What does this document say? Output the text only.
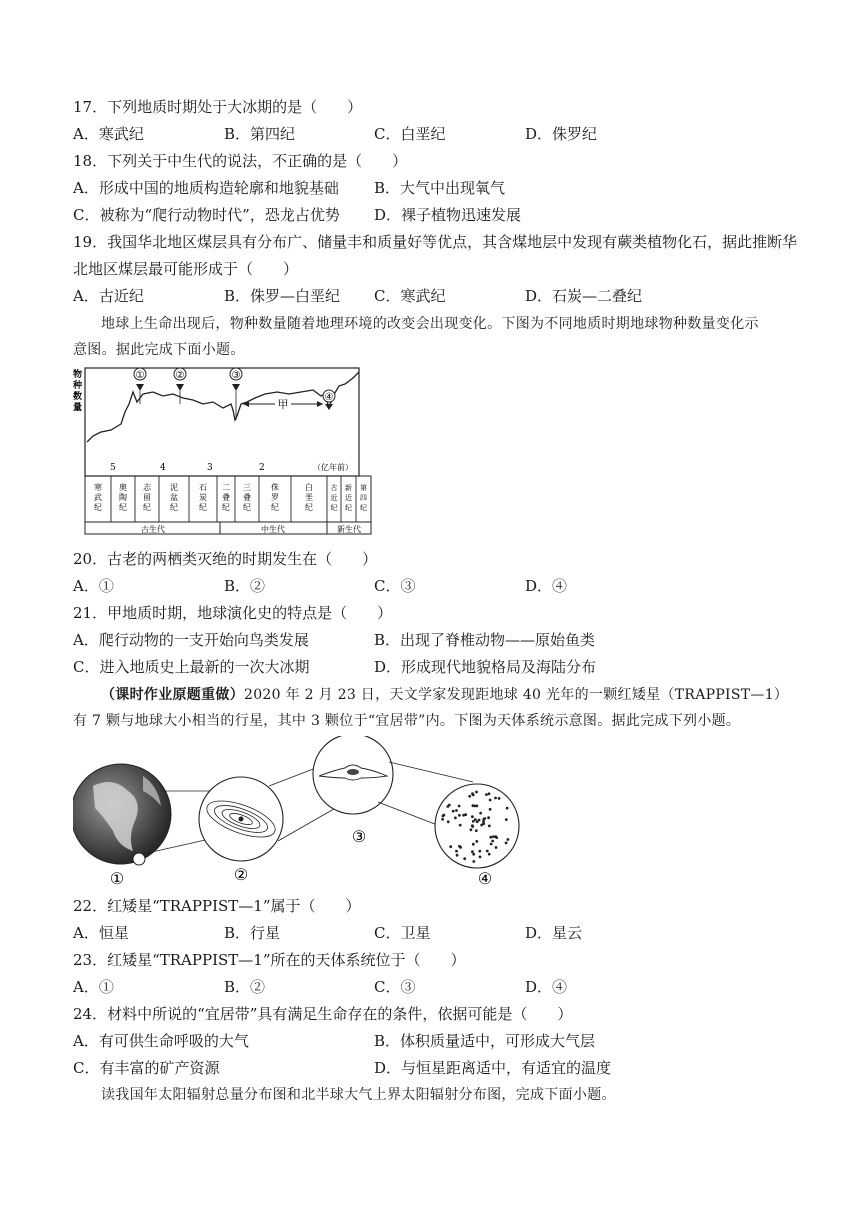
17．下列地质时期处于大冰期的是（　　）
A．寒武纪	B．第四纪	C．白垩纪	D．侏罗纪
18．下列关于中生代的说法，不正确的是（　　）
A．形成中国的地质构造轮廓和地貌基础 B．大气中出现氧气
C．被称为“爬行动物时代”，恐龙占优势 D．裸子植物迅速发展
19．我国华北地区煤层具有分布广、储量丰和质量好等优点，其含煤地层中发现有蕨类植物化石，据此推断华
北地区煤层最可能形成于（　　）
A．古近纪	B．侏罗—白垩纪 C．寒武纪	D．石炭—二叠纪
地球上生命出现后，物种数量随着地理环境的改变会出现变化。下图为不同地质时期地球物种数量变化示
意图。据此完成下面小题。
物
种
数
量
①	②	③
④
甲
5	4	3	2	（亿年前）
寒
武
纪
奥
陶
纪
志
留
纪
泥
盆
纪
石
炭
纪
二
叠
纪
三
叠
纪
侏
罗
纪
白
垩
纪
古
近
纪
新
近
纪
第
四
纪
古生代	中生代	新生代
20．古老的两栖类灭绝的时期发生在（　　）
A．①	B．②	C．③	D．④
21．甲地质时期，地球演化史的特点是（　　）
A．爬行动物的一支开始向鸟类发展	B．出现了脊椎动物——原始鱼类
C．进入地质史上最新的一次大冰期	D．形成现代地貌格局及海陆分布
（课时作业原题重做）2020 年 2 月 23 日，天文学家发现距地球 40 光年的一颗红矮星（TRAPPIST—1）
有 7 颗与地球大小相当的行星，其中 3 颗位于“宜居带”内。下图为天体系统示意图。据此完成下列小题。
①	②
③
④
22．红矮星“TRAPPIST—1”属于（　　）
A．恒星	B．行星	C．卫星	D．星云
23．红矮星“TRAPPIST—1”所在的天体系统位于（　　）
A．①	B．②	C．③	D．④
24．材料中所说的“宜居带”具有满足生命存在的条件，依据可能是（　　）
A．有可供生命呼吸的大气	B．体积质量适中，可形成大气层
C．有丰富的矿产资源	D．与恒星距离适中，有适宜的温度
读我国年太阳辐射总量分布图和北半球大气上界太阳辐射分布图，完成下面小题。
